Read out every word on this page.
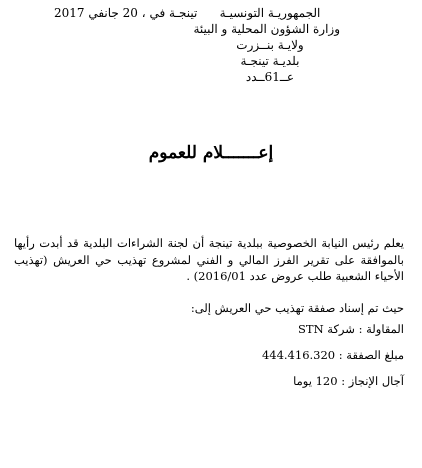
الجمهوريـة التونسيـة
وزارة الشؤون المحلية و البيئة
ولايـة بنــزرت
بلديـة تينجـة
عــ61ــدد
تينجـة في ، 20 جانفي 2017
إعـــــــلام للعموم
يعلم رئيس النيابة الخصوصية ببلدية تينجة أن لجنة الشراءات البلدية قد أبدت رأيها بالموافقة على تقرير الفرز المالي و الفني لمشروع تهذيب حي العريش (تهذيب الأحياء الشعبية طلب عروض عدد 2016/01) .
حيث تم إسناد صفقة تهذيب حي العريش إلى:
المقاولة : شركة STN
مبلغ الصفقة : 444.416.320
آجال الإنجاز : 120 يوما
